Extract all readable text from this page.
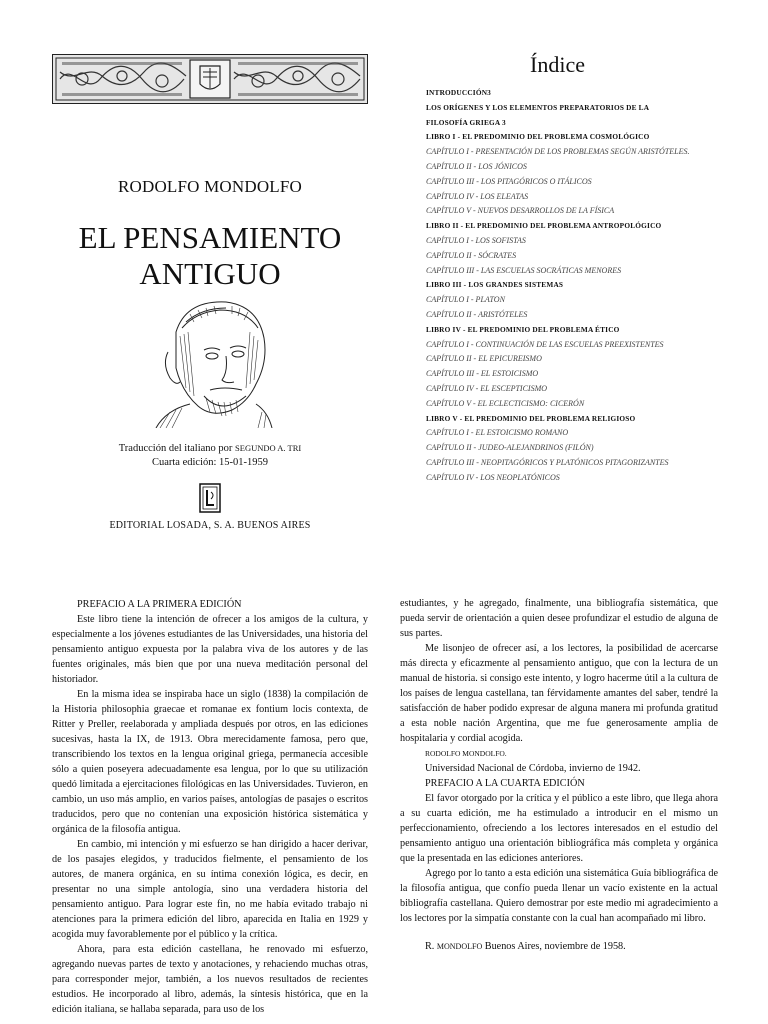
RODOLFO MONDOLFO
EL PENSAMIENTO
ANTIGUO
Traducción del italiano por SEGUNDO A. TRI
Cuarta edición: 15-01-1959
EDITORIAL LOSADA, S. A. BUENOS AIRES
Índice
INTRODUCCIÓN3
LOS ORÍGENES Y LOS ELEMENTOS PREPARATORIOS DE LA
FILOSOFÍA GRIEGA 3
LIBRO I - EL PREDOMINIO DEL PROBLEMA COSMOLÓGICO
CAPÍTULO I - PRESENTACIÓN DE LOS PROBLEMAS SEGÚN ARISTÓTELES.
CAPÍTULO II - LOS JÓNICOS
CAPÍTULO III - LOS PITAGÓRICOS O ITÁLICOS
CAPÍTULO IV - LOS ELEATAS
CAPÍTULO V - NUEVOS DESARROLLOS DE LA FÍSICA
LIBRO II - EL PREDOMINIO DEL PROBLEMA ANTROPOLÓGICO
CAPÍTULO I - LOS SOFISTAS
CAPÍTULO II - SÓCRATES
CAPÍTULO III - LAS ESCUELAS SOCRÁTICAS MENORES
LIBRO III - LOS GRANDES SISTEMAS
CAPÍTULO I - PLATON
CAPÍTULO II - ARISTÓTELES
LIBRO IV - EL PREDOMINIO DEL PROBLEMA ÉTICO
CAPÍTULO I - CONTINUACIÓN DE LAS ESCUELAS PREEXISTENTES
CAPÍTULO II - EL EPICUREISMO
CAPÍTULO III - EL ESTOICISMO
CAPÍTULO IV - EL ESCEPTICISMO
CAPÍTULO V - EL ECLECTICISMO: CICERÓN
LIBRO V - EL PREDOMINIO DEL PROBLEMA RELIGIOSO
CAPÍTULO I - EL ESTOICISMO ROMANO
CAPÍTULO II - JUDEO-ALEJANDRINOS (FILÓN)
CAPÍTULO III - NEOPITAGÓRICOS Y PLATÓNICOS PITAGORIZANTES
CAPÍTULO IV - LOS NEOPLATÓNICOS

PREFACIO A LA PRIMERA EDICIÓN

Este libro tiene la intención de ofrecer a los amigos de la cultura, y especialmente a los jóvenes estudiantes de las Universidades, una historia del pensamiento antiguo expuesta por la palabra viva de los autores y de las fuentes originales, más bien que por una nueva meditación personal del historiador.

En la misma idea se inspiraba hace un siglo (1838) la compilación de la Historia philosophia graecae et romanae ex fontium locis contexta, de Ritter y Preller, reelaborada y ampliada después por otros, en las ediciones sucesivas, hasta la IX, de 1913. Obra merecidamente famosa, pero que, transcribiendo los textos en la lengua original griega, permanecía accesible sólo a quien poseyera adecuadamente esa lengua, por lo que su utilización quedó limitada a ejercitaciones filológicas en las Universidades. Tuvieron, en cambio, un uso más amplio, en varios países, antologías de pasajes o escritos traducidos, pero que no contenían una exposición histórica sistemática y orgánica de la filosofía antigua.

En cambio, mi intención y mi esfuerzo se han dirigido a hacer derivar, de los pasajes elegidos, y traducidos fielmente, el pensamiento de los autores, de manera orgánica, en su íntima conexión lógica, es decir, en presentar no una simple antología, sino una verdadera historia del pensamiento antiguo. Para lograr este fin, no me había evitado trabajo ni atenciones para la primera edición del libro, aparecida en Italia en 1929 y acogida muy favorablemente por el público y la crítica.

Ahora, para esta edición castellana, he renovado mi esfuerzo, agregando nuevas partes de texto y anotaciones, y rehaciendo muchas otras, para corresponder mejor, también, a los nuevos resultados de recientes estudios. He incorporado al libro, además, la síntesis histórica, que en la edición italiana, se hallaba separada, para uso de los

estudiantes, y he agregado, finalmente, una bibliografía sistemática, que pueda servir de orientación a quien desee profundizar el estudio de alguna de sus partes.

Me lisonjeo de ofrecer así, a los lectores, la posibilidad de acercarse más directa y eficazmente al pensamiento antiguo, que con la lectura de un manual de historia. si consigo este intento, y logro hacerme útil a la cultura de los países de lengua castellana, tan férvidamente amantes del saber, tendré la satisfacción de haber podido expresar de alguna manera mi profunda gratitud a esta noble nación Argentina, que me fue generosamente amplia de hospitalaria y cordial acogida.

RODOLFO MONDOLFO.

Universidad Nacional de Córdoba, invierno de 1942.

PREFACIO A LA CUARTA EDICIÓN

El favor otorgado por la crítica y el público a este libro, que llega ahora a su cuarta edición, me ha estimulado a introducir en el mismo un perfeccionamiento, ofreciendo a los lectores interesados en el estudio del pensamiento antiguo una orientación bibliográfica más completa y orgánica que la presentada en las ediciones anteriores.

Agrego por lo tanto a esta edición una sistemática Guía bibliográfica de la filosofía antigua, que confío pueda llenar un vacío existente en la actual bibliografía castellana. Quiero demostrar por este medio mi agradecimiento a los lectores por la simpatía constante con la cual han acompañado mi libro.

R. MONDOLFO Buenos Aires, noviembre de 1958.
